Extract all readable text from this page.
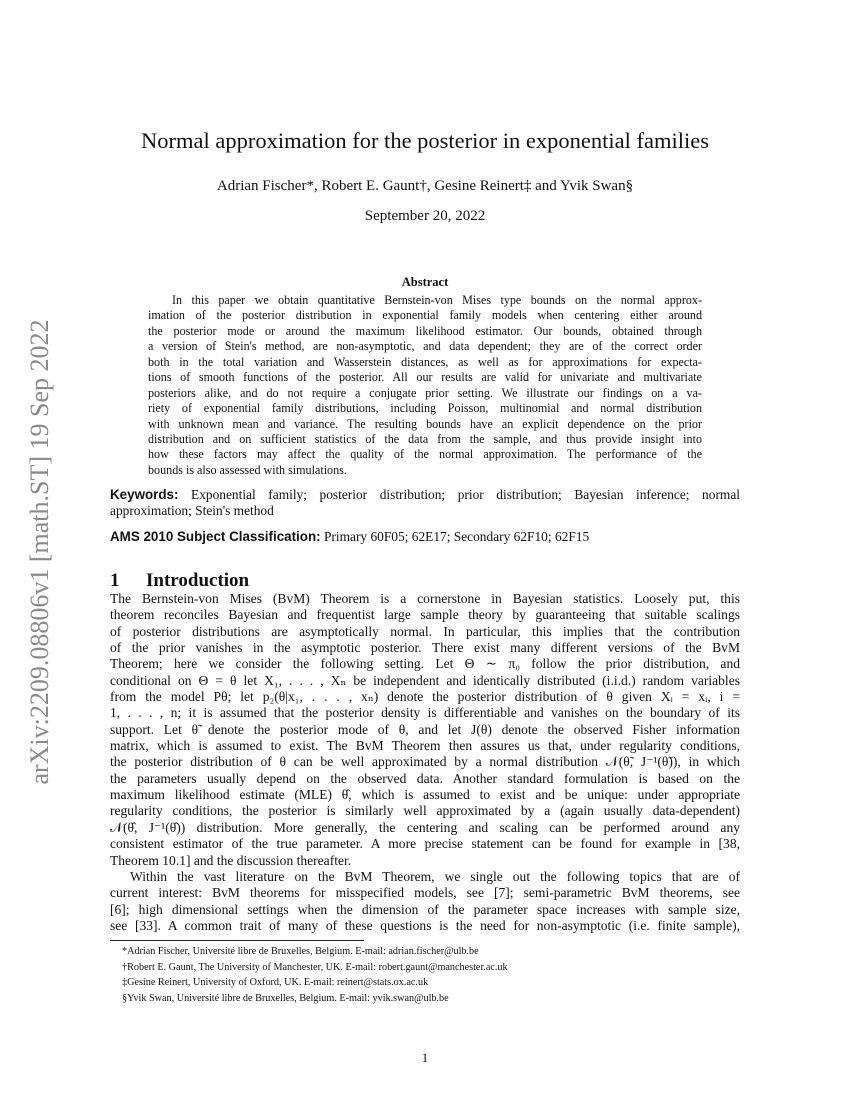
arXiv:2209.08806v1 [math.ST] 19 Sep 2022
Normal approximation for the posterior in exponential families
Adrian Fischer*, Robert E. Gaunt†, Gesine Reinert‡ and Yvik Swan§
September 20, 2022
Abstract
In this paper we obtain quantitative Bernstein-von Mises type bounds on the normal approx-
imation of the posterior distribution in exponential family models when centering either around
the posterior mode or around the maximum likelihood estimator. Our bounds, obtained through
a version of Stein's method, are non-asymptotic, and data dependent; they are of the correct order
both in the total variation and Wasserstein distances, as well as for approximations for expecta-
tions of smooth functions of the posterior. All our results are valid for univariate and multivariate
posteriors alike, and do not require a conjugate prior setting. We illustrate our findings on a va-
riety of exponential family distributions, including Poisson, multinomial and normal distribution
with unknown mean and variance. The resulting bounds have an explicit dependence on the prior
distribution and on sufficient statistics of the data from the sample, and thus provide insight into
how these factors may affect the quality of the normal approximation. The performance of the
bounds is also assessed with simulations.
Keywords: Exponential family; posterior distribution; prior distribution; Bayesian inference; normal
approximation; Stein's method
AMS 2010 Subject Classification: Primary 60F05; 62E17; Secondary 62F10; 62F15
1 Introduction
The Bernstein-von Mises (BvM) Theorem is a cornerstone in Bayesian statistics. Loosely put, this
theorem reconciles Bayesian and frequentist large sample theory by guaranteeing that suitable scalings
of posterior distributions are asymptotically normal. In particular, this implies that the contribution
of the prior vanishes in the asymptotic posterior. There exist many different versions of the BvM
Theorem; here we consider the following setting. Let Θ ∼ π₀ follow the prior distribution, and
conditional on Θ = θ let X₁, . . . , Xₙ be independent and identically distributed (i.i.d.) random variables
from the model Pθ; let p₂(θ|x₁, . . . , xₙ) denote the posterior distribution of θ given Xᵢ = xᵢ, i =
1, . . . , n; it is assumed that the posterior density is differentiable and vanishes on the boundary of its
support. Let θ̃ denote the posterior mode of θ, and let J(θ) denote the observed Fisher information
matrix, which is assumed to exist. The BvM Theorem then assures us that, under regularity conditions,
the posterior distribution of θ can be well approximated by a normal distribution 𝒩(θ̃, J⁻¹(θ̃)), in which
the parameters usually depend on the observed data. Another standard formulation is based on the
maximum likelihood estimate (MLE) θ̂, which is assumed to exist and be unique: under appropriate
regularity conditions, the posterior is similarly well approximated by a (again usually data-dependent)
𝒩(θ̂, J⁻¹(θ̂)) distribution. More generally, the centering and scaling can be performed around any
consistent estimator of the true parameter. A more precise statement can be found for example in [38,
Theorem 10.1] and the discussion thereafter.
Within the vast literature on the BvM Theorem, we single out the following topics that are of
current interest: BvM theorems for misspecified models, see [7]; semi-parametric BvM theorems, see
[6]; high dimensional settings when the dimension of the parameter space increases with sample size,
see [33]. A common trait of many of these questions is the need for non-asymptotic (i.e. finite sample),
*Adrian Fischer, Université libre de Bruxelles, Belgium. E-mail: adrian.fischer@ulb.be
†Robert E. Gaunt, The University of Manchester, UK. E-mail: robert.gaunt@manchester.ac.uk
‡Gesine Reinert, University of Oxford, UK. E-mail: reinert@stats.ox.ac.uk
§Yvik Swan, Université libre de Bruxelles, Belgium. E-mail: yvik.swan@ulb.be
1
